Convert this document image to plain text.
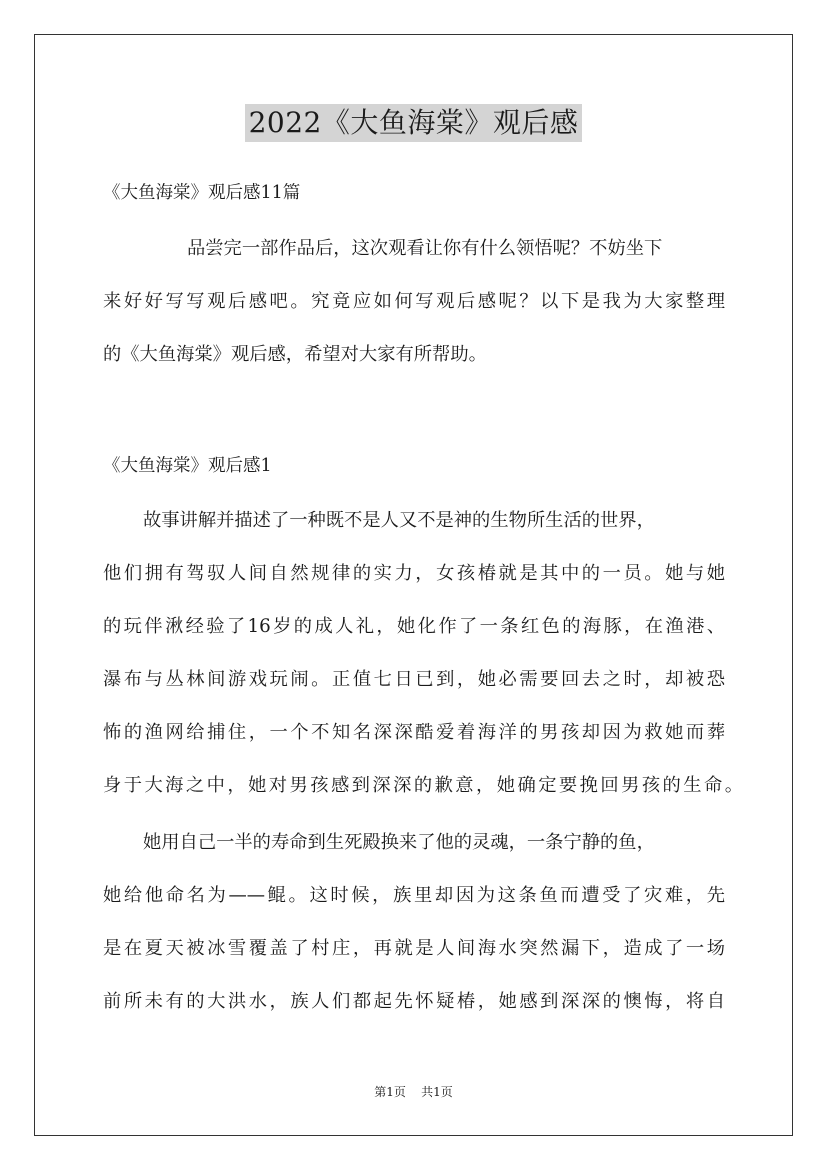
2022《大鱼海棠》观后感
《大鱼海棠》观后感11篇
品尝完一部作品后，这次观看让你有什么领悟呢？不妨坐下
来好好写写观后感吧。究竟应如何写观后感呢？以下是我为大家整理
的《大鱼海棠》观后感，希望对大家有所帮助。
《大鱼海棠》观后感1
故事讲解并描述了一种既不是人又不是神的生物所生活的世界，
他们拥有驾驭人间自然规律的实力，女孩椿就是其中的一员。她与她
的玩伴湫经验了16岁的成人礼，她化作了一条红色的海豚，在渔港、
瀑布与丛林间游戏玩闹。正值七日已到，她必需要回去之时，却被恐
怖的渔网给捕住，一个不知名深深酷爱着海洋的男孩却因为救她而葬
身于大海之中，她对男孩感到深深的歉意，她确定要挽回男孩的生命。
她用自己一半的寿命到生死殿换来了他的灵魂，一条宁静的鱼，
她给他命名为——鲲。这时候，族里却因为这条鱼而遭受了灾难，先
是在夏天被冰雪覆盖了村庄，再就是人间海水突然漏下，造成了一场
前所未有的大洪水，族人们都起先怀疑椿，她感到深深的懊悔，将自
第1页 共1页
